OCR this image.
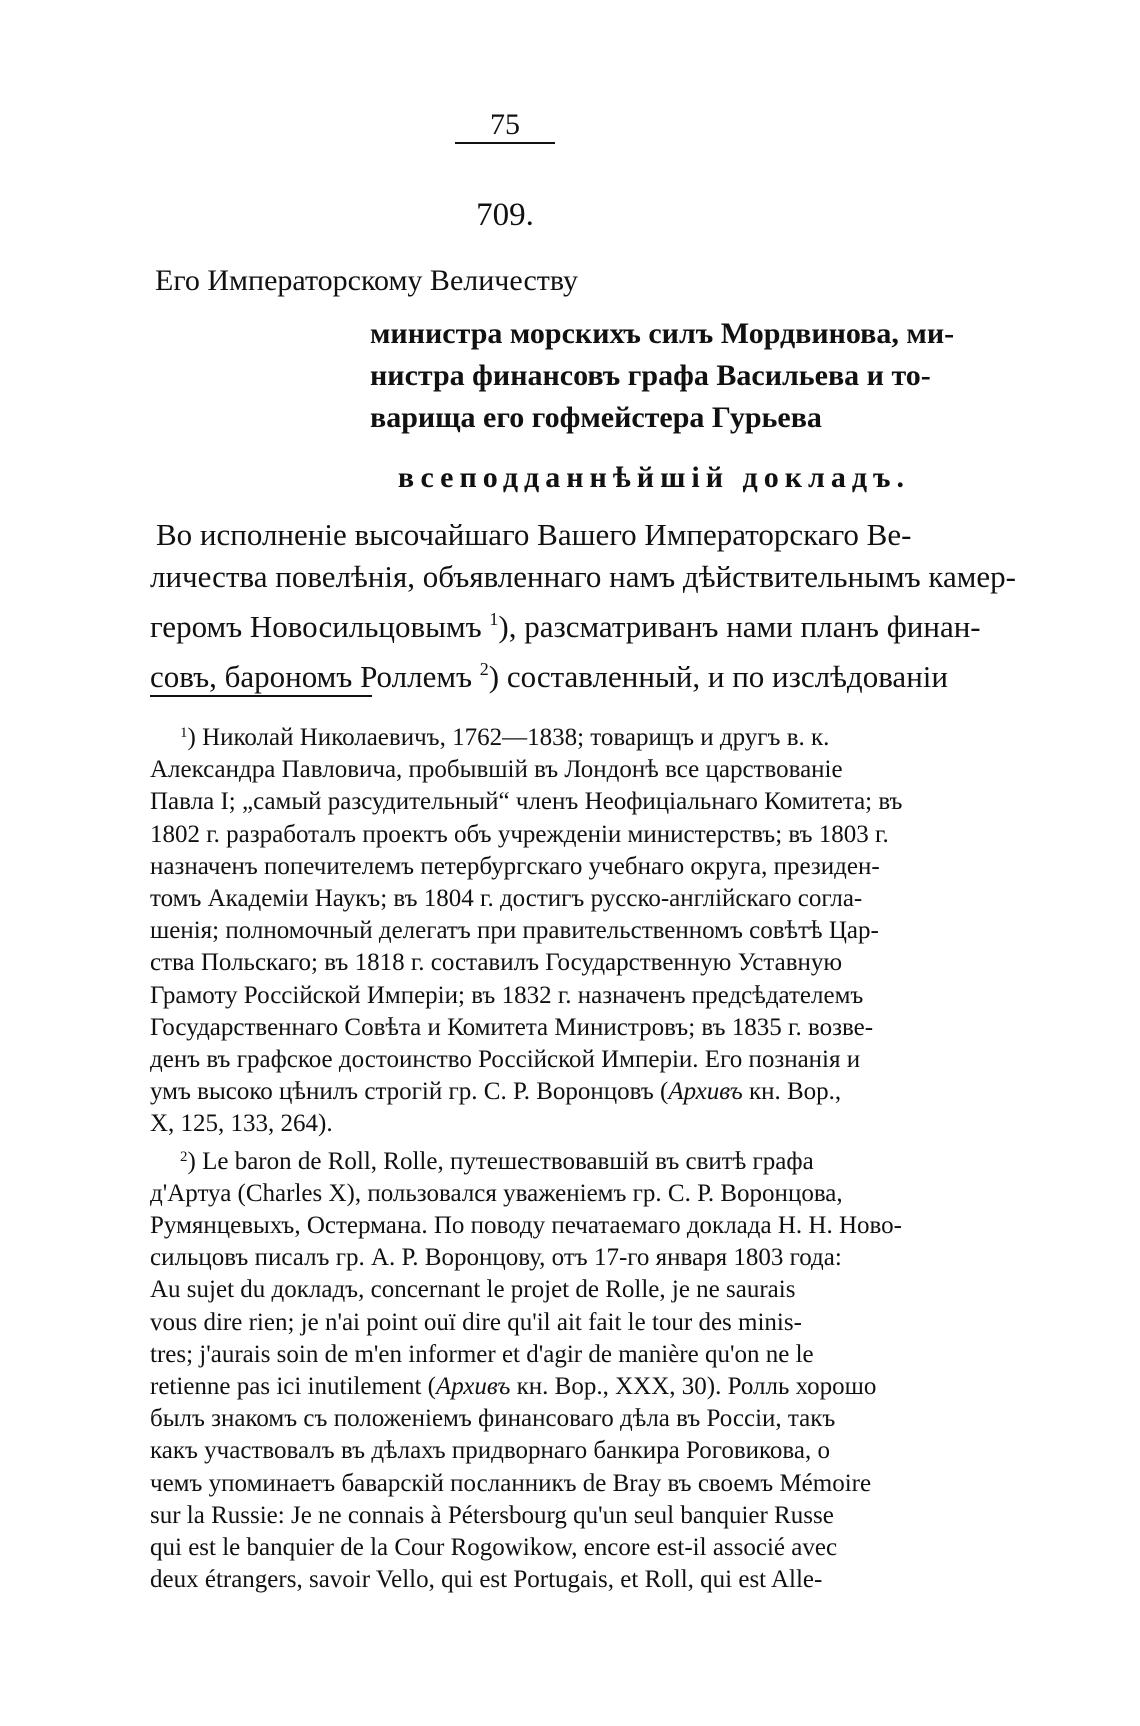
75
709.
Его Императорскому Величеству
министра морскихъ силъ Мордвинова, ми-
нистра финансовъ графа Васильева и то-
варища его гофмейстера Гурьева
всеподданнѣйшій докладъ.
Во исполненіе высочайшаго Вашего Императорскаго Ве-
личества повелѣнія, объявленнаго намъ дѣйствительнымъ камер-
геромъ Новосильцовымъ $^1$), разсматриванъ нами планъ финан-
совъ, барономъ Роллемъ $^2$) составленный, и по изслѣдованіи
$^1$) Николай Николаевичъ, 1762—1838; товарищъ и другъ в. к.
Александра Павловича, пробывшій въ Лондонѣ все царствованіе
Павла I; „самый разсудительный“ членъ Неофиціальнаго Комитета; въ
1802 г. разработалъ проектъ объ учрежденіи министерствъ; въ 1803 г.
назначенъ попечителемъ петербургскаго учебнаго округа, президен-
томъ Академіи Наукъ; въ 1804 г. достигъ русско-англійскаго согла-
шенія; полномочный делегатъ при правительственномъ совѣтѣ Цар-
ства Польскаго; въ 1818 г. составилъ Государственную Уставную
Грамоту Россійской Имперіи; въ 1832 г. назначенъ предсѣдателемъ
Государственнаго Совѣта и Комитета Министровъ; въ 1835 г. возве-
денъ въ графское достоинство Россійской Имперіи. Его познанія и
умъ высоко цѣнилъ строгій гр. С. Р. Воронцовъ (Архивъ кн. Вор.,
X, 125, 133, 264).
$^2$) Le baron de Roll, Rolle, путешествовавшій въ свитѣ графа
д'Артуа (Charles X), пользовался уваженіемъ гр. С. Р. Воронцова,
Румянцевыхъ, Остермана. По поводу печатаемаго доклада Н. Н. Ново-
сильцовъ писалъ гр. А. Р. Воронцову, отъ 17-го января 1803 года:
Au sujet du докладъ, concernant le projet de Rolle, je ne saurais
vous dire rien; je n'ai point ouï dire qu'il ait fait le tour des minis-
tres; j'aurais soin de m'en informer et d'agir de manière qu'on ne le
retienne pas ici inutilement (Архивъ кн. Вор., XXX, 30). Ролль хорошо
былъ знакомъ съ положеніемъ финансоваго дѣла въ Россіи, такъ
какъ участвовалъ въ дѣлахъ придворнаго банкира Роговикова, о
чемъ упоминаетъ баварскій посланникъ de Bray въ своемъ Mémoire
sur la Russie: Je ne connais à Pétersbourg qu'un seul banquier Russe
qui est le banquier de la Cour Rogowikow, encore est-il associé avec
deux étrangers, savoir Vello, qui est Portugais, et Roll, qui est Alle-
